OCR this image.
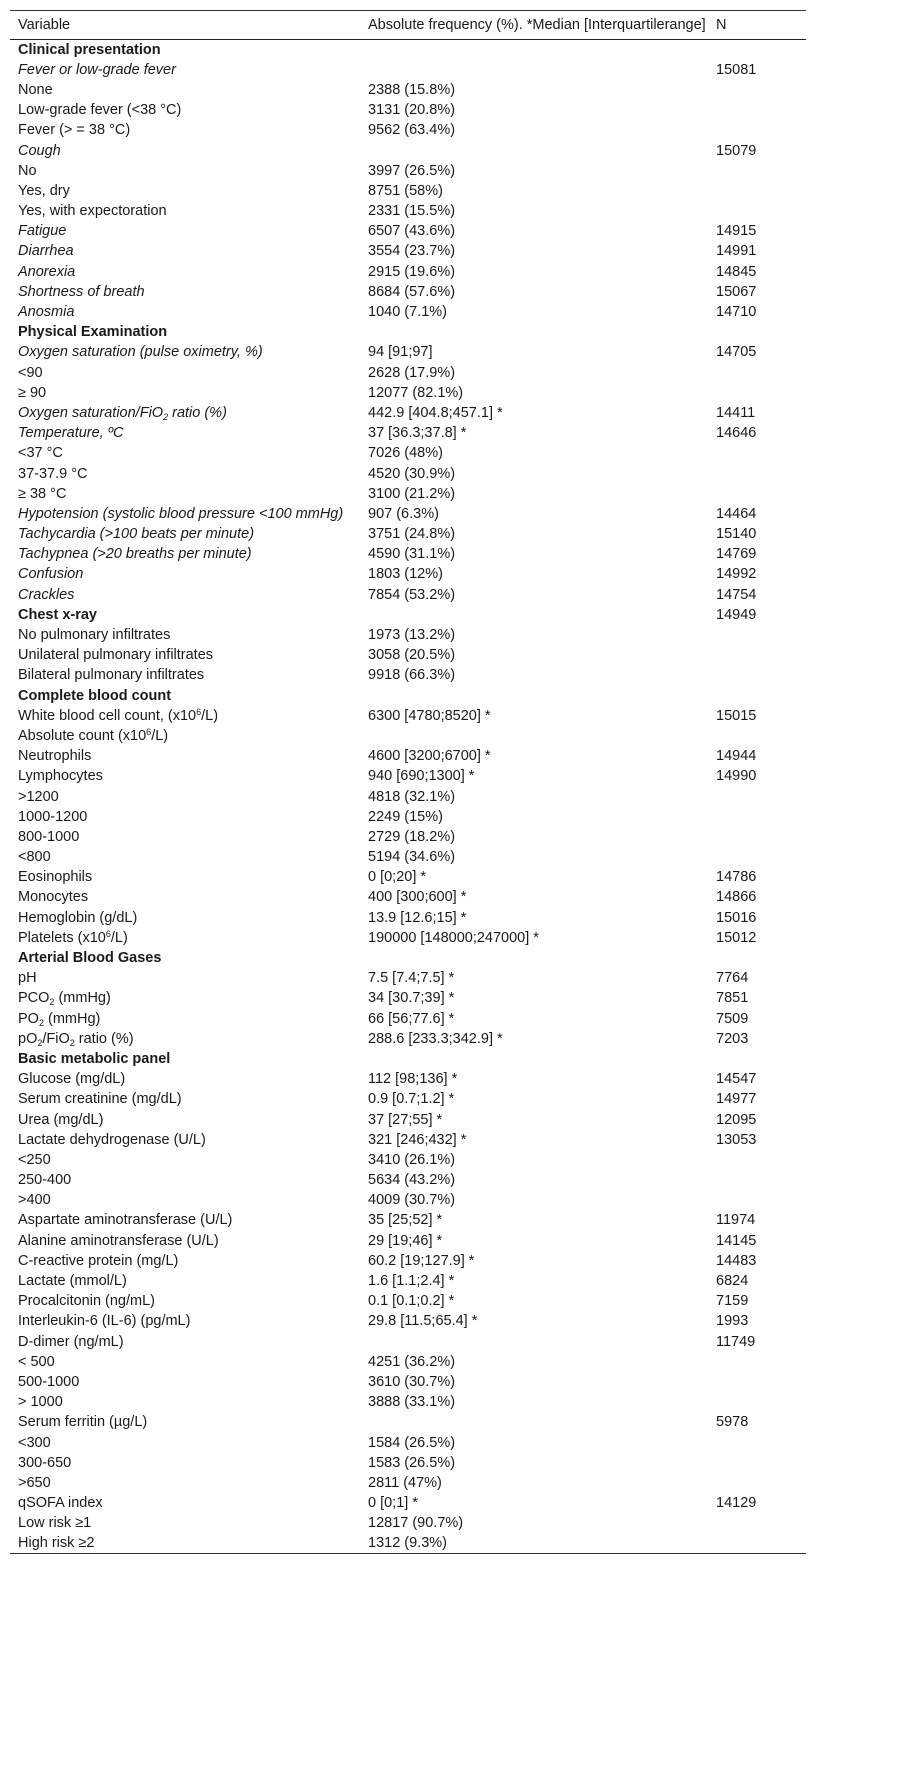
Variable	Absolute frequency (%). *Median [Interquartilerange]	N
Clinical presentation		
Fever or low-grade fever		15081
None	2388 (15.8%)	
Low-grade fever (<38 °C)	3131 (20.8%)	
Fever (> = 38 °C)	9562 (63.4%)	
Cough		15079
No	3997 (26.5%)	
Yes, dry	8751 (58%)	
Yes, with expectoration	2331 (15.5%)	
Fatigue	6507 (43.6%)	14915
Diarrhea	3554 (23.7%)	14991
Anorexia	2915 (19.6%)	14845
Shortness of breath	8684 (57.6%)	15067
Anosmia	1040 (7.1%)	14710
Physical Examination		
Oxygen saturation (pulse oximetry, %)	94 [91;97]	14705
<90	2628 (17.9%)	
≥ 90	12077 (82.1%)	
Oxygen saturation/FiO$_2$ ratio (%)	442.9 [404.8;457.1] *	14411
Temperature, ºC	37 [36.3;37.8] *	14646
<37 °C	7026 (48%)	
37-37.9 °C	4520 (30.9%)	
≥ 38 °C	3100 (21.2%)	
Hypotension (systolic blood pressure <100 mmHg)	907 (6.3%)	14464
Tachycardia (>100 beats per minute)	3751 (24.8%)	15140
Tachypnea (>20 breaths per minute)	4590 (31.1%)	14769
Confusion	1803 (12%)	14992
Crackles	7854 (53.2%)	14754
Chest x-ray		14949
No pulmonary infiltrates	1973 (13.2%)	
Unilateral pulmonary infiltrates	3058 (20.5%)	
Bilateral pulmonary infiltrates	9918 (66.3%)	
Complete blood count		
White blood cell count, $(x10^6/L)$	6300 [4780;8520] *	15015
Absolute count $(x10^6/L)$		
Neutrophils	4600 [3200;6700] *	14944
Lymphocytes	940 [690;1300] *	14990
>1200	4818 (32.1%)	
1000-1200	2249 (15%)	
800-1000	2729 (18.2%)	
<800	5194 (34.6%)	
Eosinophils	0 [0;20] *	14786
Monocytes	400 [300;600] *	14866
Hemoglobin (g/dL)	13.9 [12.6;15] *	15016
Platelets $(x10^6/L)$	190000 [148000;247000] *	15012
Arterial Blood Gases		
pH	7.5 [7.4;7.5] *	7764
$PCO_2$ (mmHg)	34 [30.7;39] *	7851
$PO_2$ (mmHg)	66 [56;77.6] *	7509
$pO_2/FiO_2$ ratio (%)	288.6 [233.3;342.9] *	7203
Basic metabolic panel		
Glucose (mg/dL)	112 [98;136] *	14547
Serum creatinine (mg/dL)	0.9 [0.7;1.2] *	14977
Urea (mg/dL)	37 [27;55] *	12095
Lactate dehydrogenase (U/L)	321 [246;432] *	13053
<250	3410 (26.1%)	
250-400	5634 (43.2%)	
>400	4009 (30.7%)	
Aspartate aminotransferase (U/L)	35 [25;52] *	11974
Alanine aminotransferase (U/L)	29 [19;46] *	14145
C-reactive protein (mg/L)	60.2 [19;127.9] *	14483
Lactate (mmol/L)	1.6 [1.1;2.4] *	6824
Procalcitonin (ng/mL)	0.1 [0.1;0.2] *	7159
Interleukin-6 (IL-6) (pg/mL)	29.8 [11.5;65.4] *	1993
D-dimer (ng/mL)		11749
< 500	4251 (36.2%)	
500-1000	3610 (30.7%)	
> 1000	3888 (33.1%)	
Serum ferritin (µg/L)		5978
<300	1584 (26.5%)	
300-650	1583 (26.5%)	
>650	2811 (47%)	
qSOFA index	0 [0;1] *	14129
Low risk ≥1	12817 (90.7%)	
High risk ≥2	1312 (9.3%)	
